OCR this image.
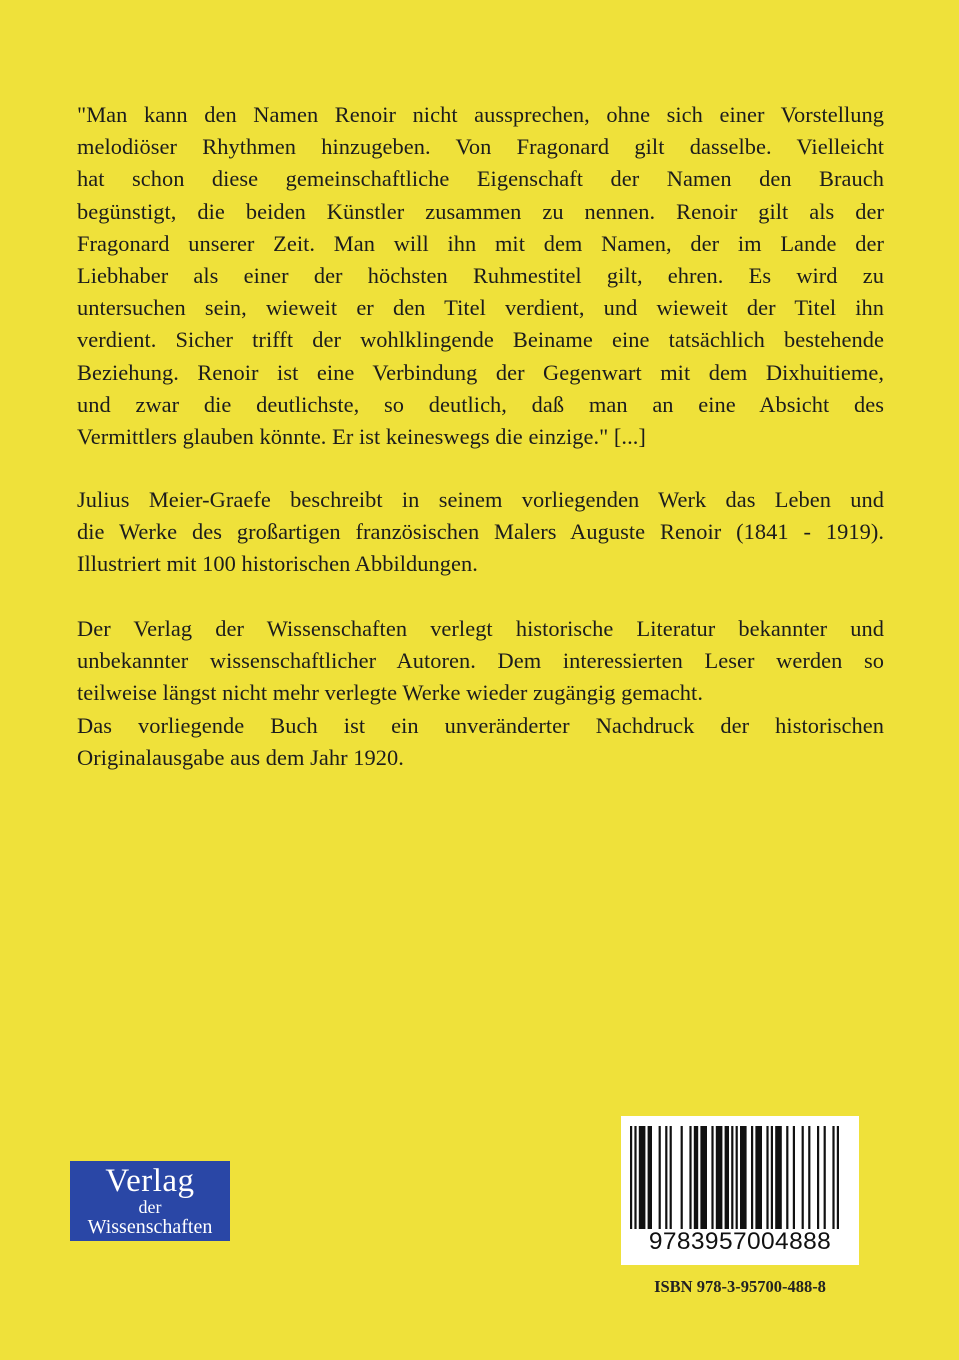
"Man kann den Namen Renoir nicht aussprechen, ohne sich einer Vorstellung
melodiöser Rhythmen hinzugeben. Von Fragonard gilt dasselbe. Vielleicht
hat schon diese gemeinschaftliche Eigenschaft der Namen den Brauch
begünstigt, die beiden Künstler zusammen zu nennen. Renoir gilt als der
Fragonard unserer Zeit. Man will ihn mit dem Namen, der im Lande der
Liebhaber als einer der höchsten Ruhmestitel gilt, ehren. Es wird zu
untersuchen sein, wieweit er den Titel verdient, und wieweit der Titel ihn
verdient. Sicher trifft der wohlklingende Beiname eine tatsächlich bestehende
Beziehung. Renoir ist eine Verbindung der Gegenwart mit dem Dixhuitieme,
und zwar die deutlichste, so deutlich, daß man an eine Absicht des
Vermittlers glauben könnte. Er ist keineswegs die einzige." [...]

Julius Meier-Graefe beschreibt in seinem vorliegenden Werk das Leben und
die Werke des großartigen französischen Malers Auguste Renoir (1841 - 1919).
Illustriert mit 100 historischen Abbildungen.

Der Verlag der Wissenschaften verlegt historische Literatur bekannter und
unbekannter wissenschaftlicher Autoren. Dem interessierten Leser werden so
teilweise längst nicht mehr verlegte Werke wieder zugängig gemacht.
Das vorliegende Buch ist ein unveränderter Nachdruck der historischen
Originalausgabe aus dem Jahr 1920.

Verlag
der
Wissenschaften
9783957004888
ISBN 978-3-95700-488-8
